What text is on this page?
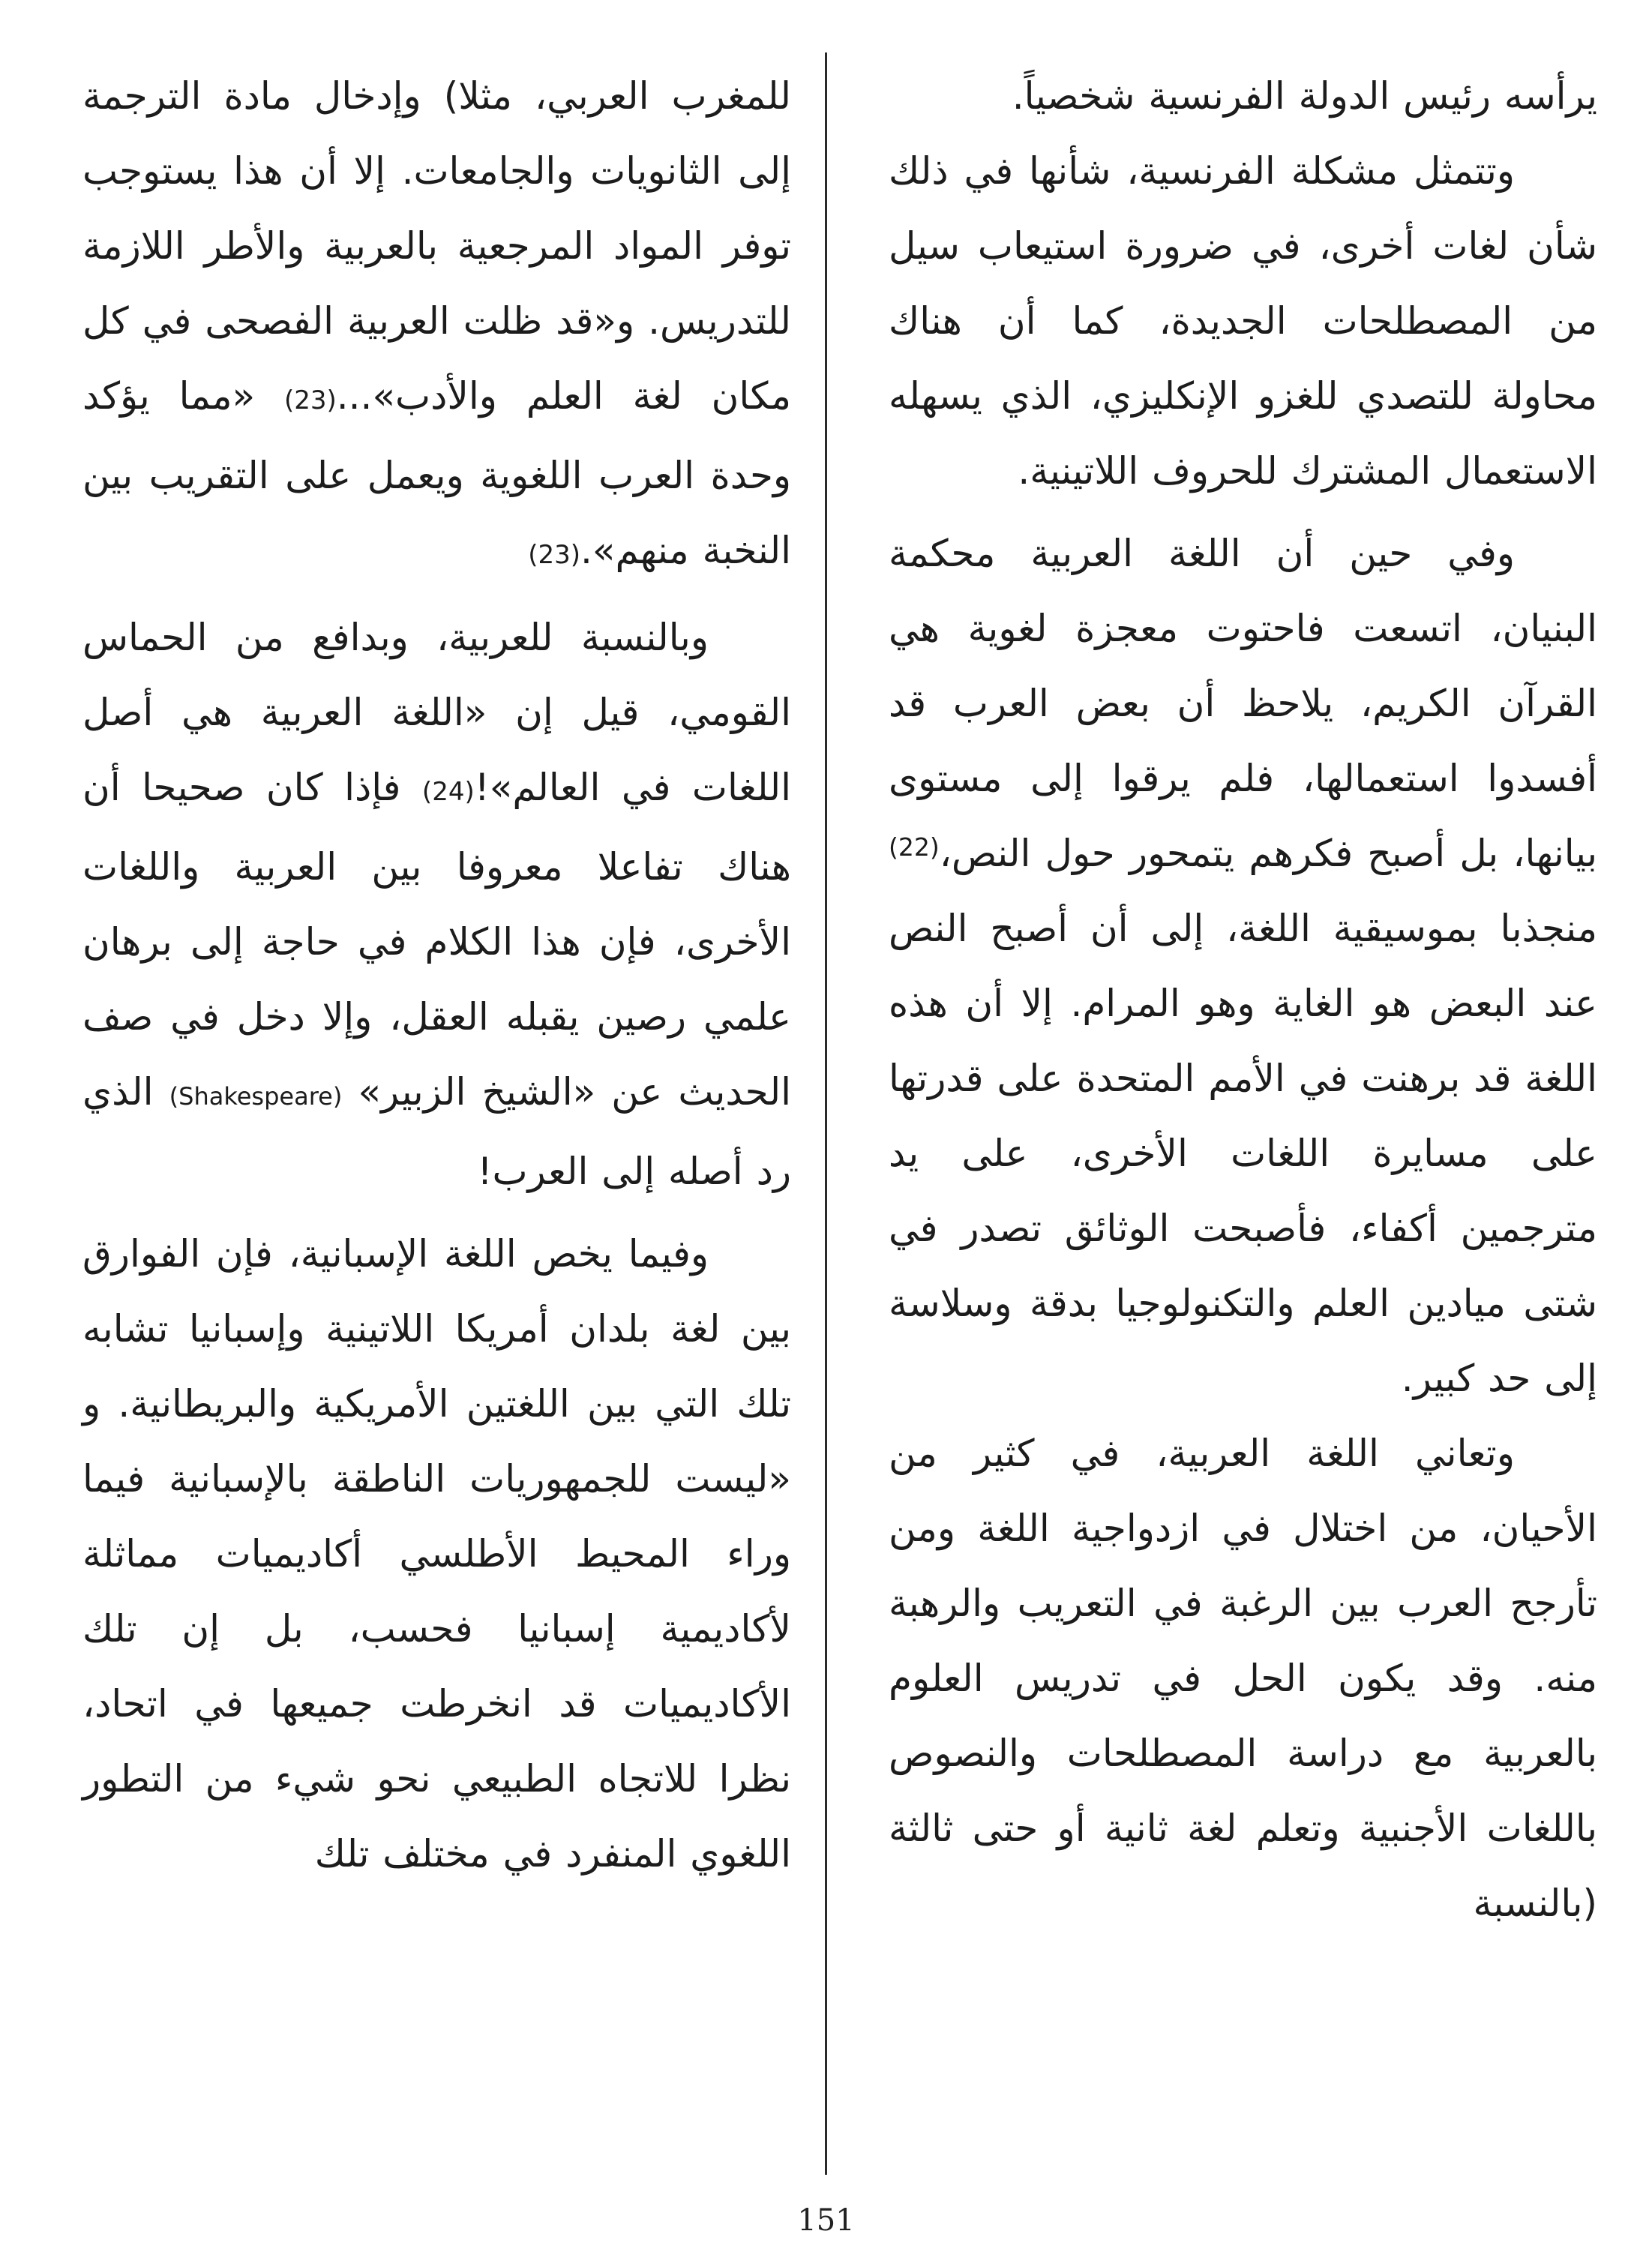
يرأسه رئيس الدولة الفرنسية شخصياً.

وتتمثل مشكلة الفرنسية، شأنها في ذلك شأن لغات أخرى، في ضرورة استيعاب سيل من المصطلحات الجديدة، كما أن هناك محاولة للتصدي للغزو الإنكليزي، الذي يسهله الاستعمال المشترك للحروف اللاتينية.

وفي حين أن اللغة العربية محكمة البنيان، اتسعت فاحتوت معجزة لغوية هي القرآن الكريم، يلاحظ أن بعض العرب قد أفسدوا استعمالها، فلم يرقوا إلى مستوى بيانها، بل أصبح فكرهم يتمحور حول النص،$^{(22)}$ منجذبا بموسيقية اللغة، إلى أن أصبح النص عند البعض هو الغاية وهو المرام. إلا أن هذه اللغة قد برهنت في الأمم المتحدة على قدرتها على مسايرة اللغات الأخرى، على يد مترجمين أكفاء، فأصبحت الوثائق تصدر في شتى ميادين العلم والتكنولوجيا بدقة وسلاسة إلى حد كبير.

وتعاني اللغة العربية، في كثير من الأحيان، من اختلال في ازدواجية اللغة ومن تأرجح العرب بين الرغبة في التعريب والرهبة منه. وقد يكون الحل في تدريس العلوم بالعربية مع دراسة المصطلحات والنصوص باللغات الأجنبية وتعلم لغة ثانية أو حتى ثالثة (بالنسبة

للمغرب العربي، مثلا) وإدخال مادة الترجمة إلى الثانويات والجامعات. إلا أن هذا يستوجب توفر المواد المرجعية بالعربية والأطر اللازمة للتدريس. و«قد ظلت العربية الفصحى في كل مكان لغة العلم والأدب»...(23) «مما يؤكد وحدة العرب اللغوية ويعمل على التقريب بين النخبة منهم».(23)

وبالنسبة للعربية، وبدافع من الحماس القومي، قيل إن «اللغة العربية هي أصل اللغات في العالم»!(24) فإذا كان صحيحا أن هناك تفاعلا معروفا بين العربية واللغات الأخرى، فإن هذا الكلام في حاجة إلى برهان علمي رصين يقبله العقل، وإلا دخل في صف الحديث عن «الشيخ الزبير» (Shakespeare) الذي رد أصله إلى العرب!

وفيما يخص اللغة الإسبانية، فإن الفوارق بين لغة بلدان أمريكا اللاتينية وإسبانيا تشابه تلك التي بين اللغتين الأمريكية والبريطانية. و «ليست للجمهوريات الناطقة بالإسبانية فيما وراء المحيط الأطلسي أكاديميات مماثلة لأكاديمية إسبانيا فحسب، بل إن تلك الأكاديميات قد انخرطت جميعها في اتحاد، نظرا للاتجاه الطبيعي نحو شيء من التطور اللغوي المنفرد في مختلف تلك

151
